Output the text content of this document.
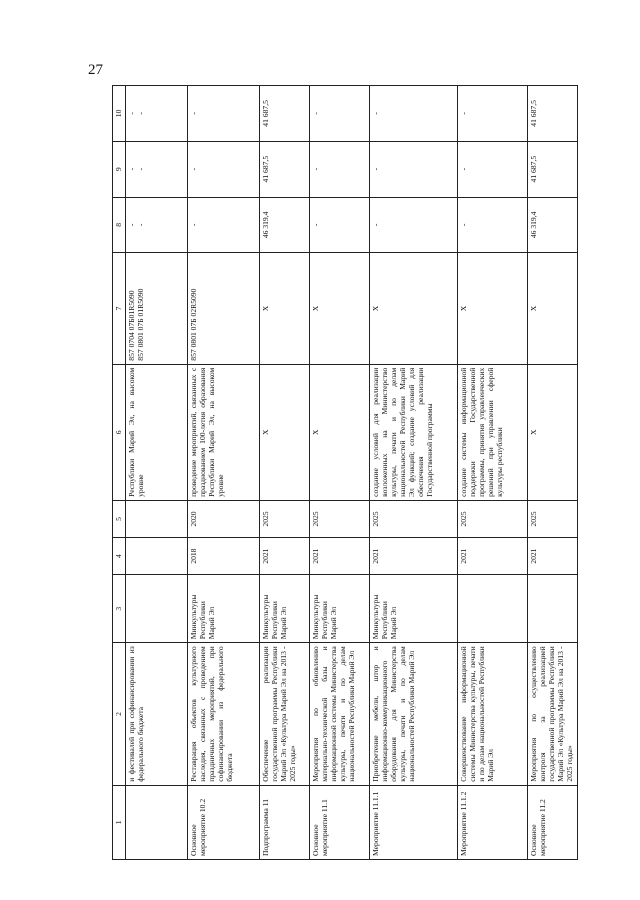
27
1	2	3	4	5	6	7	8	9	10
	и фестивалей при софинансировании из федерального бюджета				Республики Марий Эл, на высоком уровне	857 0704 07Б01R5090 857 0801 07Б 01R5090	- -	- -	- -

Основное мероприятие 10.2	Реставрация объектов культурного наследия, связанных с проведением праздничных мероприятий, при софинансировании из федерального бюджета	Минкультуры Республики Марий Эл	2018	2020	проведение мероприятий, связанных с празднованием 100-летия образования Республики Марий Эл, на высоком уровне	857 0801 07Б 02R5090	-	-	-
Подпрограмма 11	Обеспечение реализации государственной программы Республики Марий Эл «Культура Марий Эл на 2013 - 2025 годы»	Минкультуры Республики Марий Эл	2021	2025	X	X	46 319,4	41 687,5	41 687,5
Основное мероприятие 11.1	Мероприятия по обновлению материально-технической базы и информационной системы Министерства культуры, печати и по делам национальностей Республики Марий Эл	Минкультуры Республики Марий Эл	2021	2025	X	X	-	-	-
Мероприятие 11.1.1	Приобретение мебели, штор и информационно-коммуникационного оборудования для Министерства культуры, печати и по делам национальностей Республики Марий Эл	Минкультуры Республики Марий Эл	2021	2025	создание условий для реализации возложенных на Министерство культуры, печати и по делам национальностей Республики Марий Эл функций; создание условий для обеспечения реализации Государственной программы	X	-	-	-
Мероприятие 11.1.2	Совершенствование информационной системы Министерства культуры, печати и по делам национальностей Республики Марий Эл		2021	2025	создание системы информационной поддержки Государственной программы, принятия управленческих решений при управлении сферой культуры республики	X	-	-	-
Основное мероприятие 11.2	Мероприятия по осуществлению контроля за реализацией государственной программы Республики Марий Эл «Культура Марий Эл на 2013 - 2025 годы»		2021	2025	X	X	46 319,4	41 687,5	41 687,5
